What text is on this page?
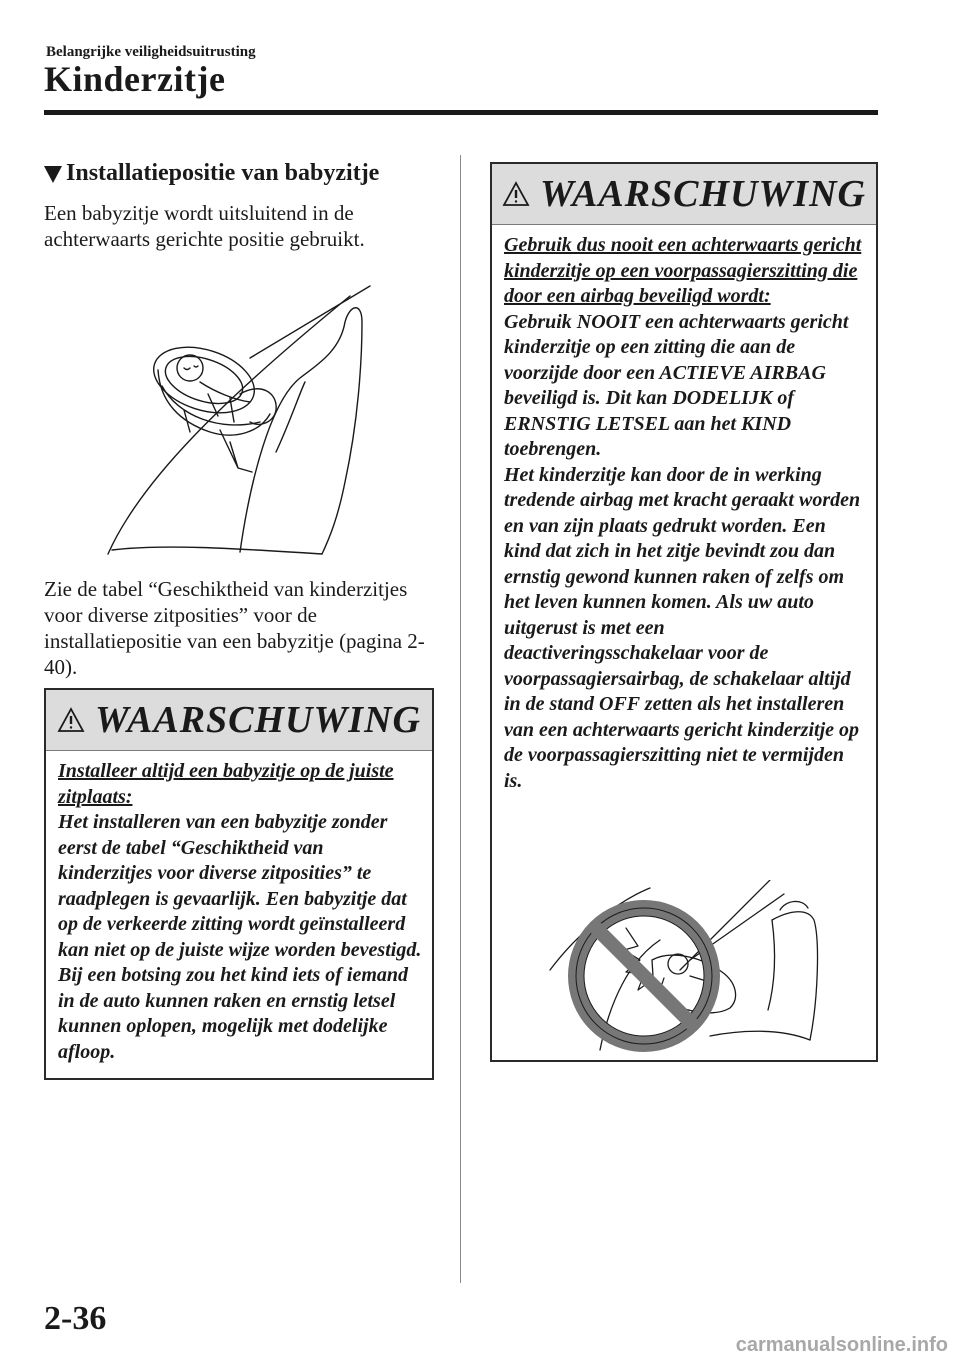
Belangrijke veiligheidsuitrusting
Kinderzitje
Installatiepositie van babyzitje
Een babyzitje wordt uitsluitend in de achterwaarts gerichte positie gebruikt.
Zie de tabel “Geschiktheid van kinderzitjes voor diverse zitposities” voor de installatiepositie van een babyzitje (pagina 2-40).
WAARSCHUWING
Installeer altijd een babyzitje op de juiste zitplaats:
Het installeren van een babyzitje zonder eerst de tabel “Geschiktheid van kinderzitjes voor diverse zitposities” te raadplegen is gevaarlijk. Een babyzitje dat op de verkeerde zitting wordt geïnstalleerd kan niet op de juiste wijze worden bevestigd. Bij een botsing zou het kind iets of iemand in de auto kunnen raken en ernstig letsel kunnen oplopen, mogelijk met dodelijke afloop.
WAARSCHUWING
Gebruik dus nooit een achterwaarts gericht kinderzitje op een voorpassagierszitting die door een airbag beveiligd wordt:
Gebruik NOOIT een achterwaarts gericht kinderzitje op een zitting die aan de voorzijde door een ACTIEVE AIRBAG beveiligd is. Dit kan DODELIJK of ERNSTIG LETSEL aan het KIND toebrengen.
Het kinderzitje kan door de in werking tredende airbag met kracht geraakt worden en van zijn plaats gedrukt worden. Een kind dat zich in het zitje bevindt zou dan ernstig gewond kunnen raken of zelfs om het leven kunnen komen. Als uw auto uitgerust is met een deactiveringsschakelaar voor de voorpassagiersairbag, de schakelaar altijd in de stand OFF zetten als het installeren van een achterwaarts gericht kinderzitje op de voorpassagierszitting niet te vermijden is.
2-36
carmanualsonline.info
